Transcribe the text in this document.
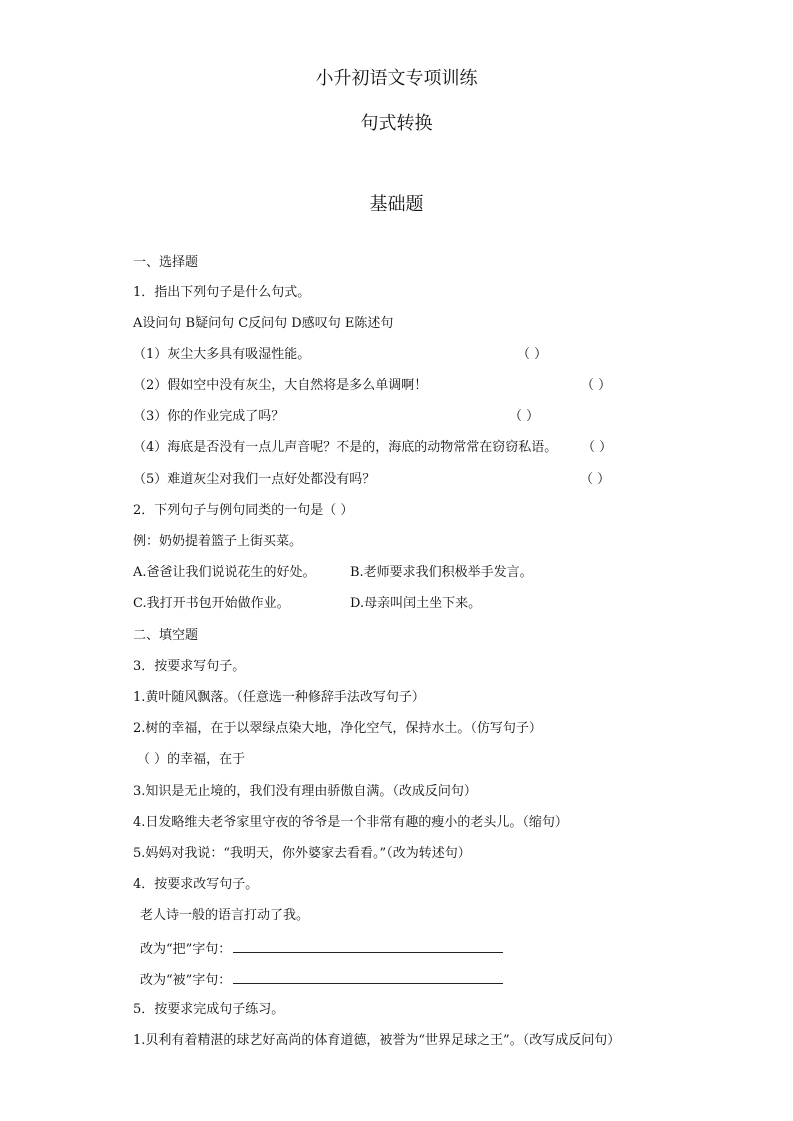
小升初语文专项训练
句式转换
基础题
一、选择题
1．指出下列句子是什么句式。
A设问句 B疑问句 C反问句 D感叹句 E陈述句
（1）灰尘大多具有吸湿性能。	（ ）
（2）假如空中没有灰尘，大自然将是多么单调啊！	（ ）
（3）你的作业完成了吗？	（ ）
（4）海底是否没有一点儿声音呢？不是的，海底的动物常常在窃窃私语。 （ ）
（5）难道灰尘对我们一点好处都没有吗？	（ ）
2．下列句子与例句同类的一句是（ ）
例：奶奶提着篮子上街买菜。
A.爸爸让我们说说花生的好处。	B.老师要求我们积极举手发言。
C.我打开书包开始做作业。	D.母亲叫闰土坐下来。
二、填空题
3．按要求写句子。
1.黄叶随风飘落。（任意选一种修辞手法改写句子）
2.树的幸福，在于以翠绿点染大地，净化空气，保持水土。（仿写句子）
（ ）的幸福，在于
3.知识是无止境的，我们没有理由骄傲自满。（改成反问句）
4.日发略维夫老爷家里守夜的爷爷是一个非常有趣的瘦小的老头儿。（缩句）
5.妈妈对我说：“我明天，你外婆家去看看。”（改为转述句）
4．按要求改写句子。
老人诗一般的语言打动了我。
改为“把”字句：
改为“被”字句：
5．按要求完成句子练习。
1.贝利有着精湛的球艺好高尚的体育道德，被誉为“世界足球之王”。（改写成反问句）
